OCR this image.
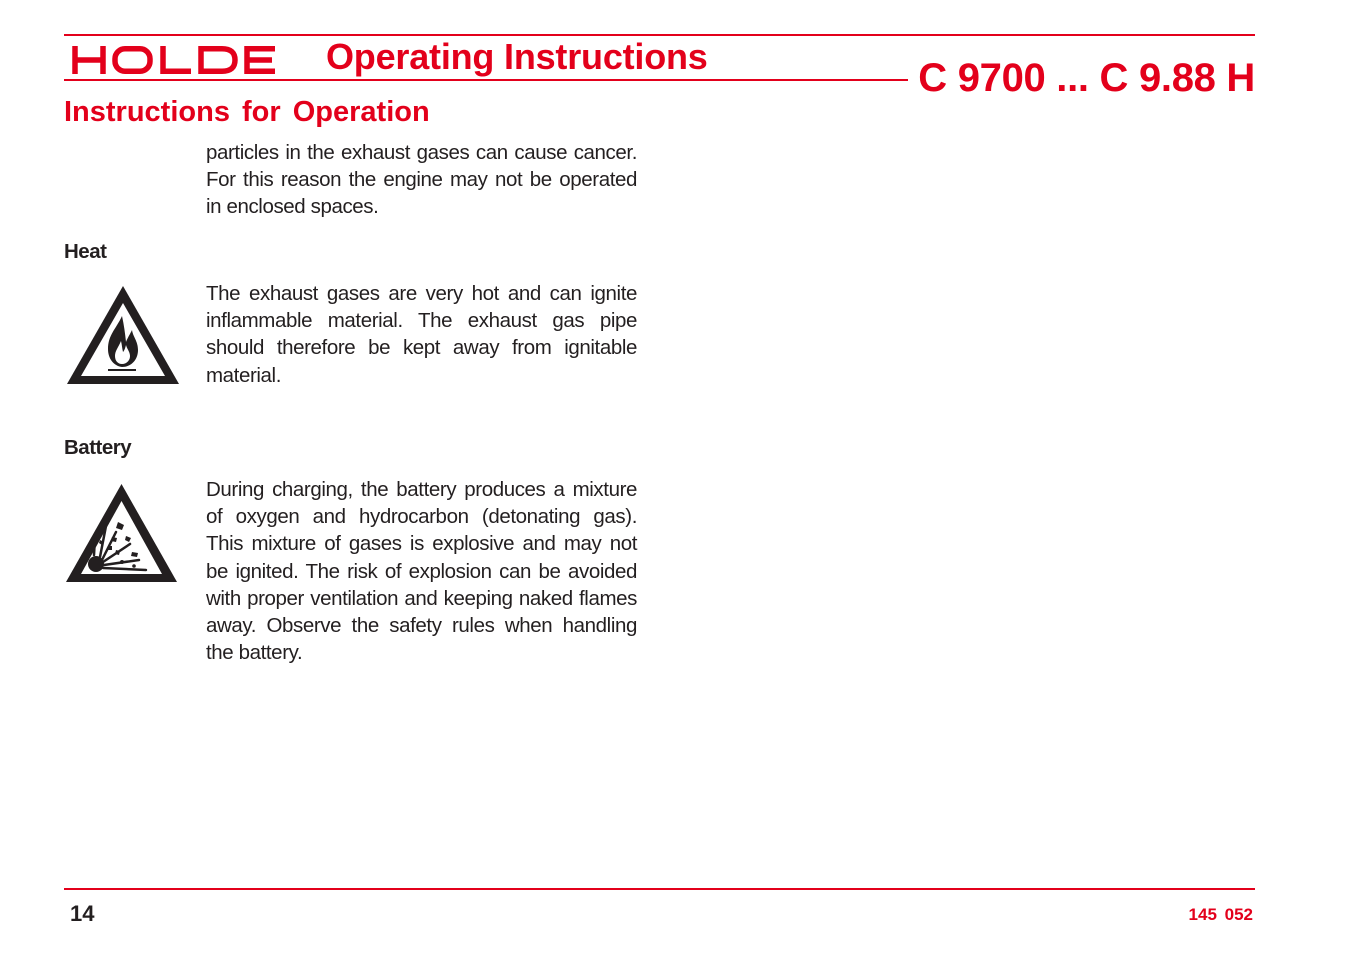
Operating Instructions	C 9700 ... C 9.88 H
Instructions for Operation

particles in the exhaust gases can cause cancer. For this reason the engine may not be operated in enclosed spaces.

Heat

The exhaust gases are very hot and can ignite inflammable material. The exhaust gas pipe should therefore be kept away from ignitable material.

Battery

During charging, the battery produces a mixture of oxygen and hydrocarbon (detonating gas). This mixture of gases is explosive and may not be ignited. The risk of explosion can be avoided with proper ventilation and keeping naked flames away. Observe the safety rules when handling the battery.

14	145 052
